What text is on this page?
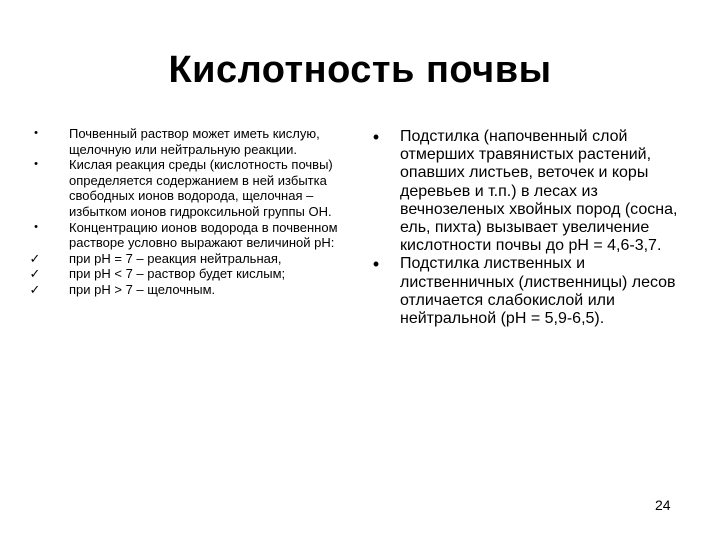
Кислотность почвы
•	Почвенный раствор может иметь кислую, щелочную или нейтральную реакции.
•	Кислая реакция среды (кислотность почвы) определяется содержанием в ней избытка свободных ионов водорода, щелочная – избытком ионов гидроксильной группы ОН.
•	Концентрацию ионов водорода в почвенном растворе условно выражают величиной рН:
✓ при рН = 7 – реакция нейтральная,
✓ при рН < 7 – раствор будет кислым;
✓ при рН > 7 – щелочным.
• Подстилка (напочвенный слой отмерших травянистых растений, опавших листьев, веточек и коры деревьев и т.п.) в лесах из вечнозеленых хвойных пород (сосна, ель, пихта) вызывает увеличение кислотности почвы до рН = 4,6-3,7.
• Подстилка лиственных и лиственничных (лиственницы) лесов отличается слабокислой или нейтральной (рН = 5,9-6,5).
24
